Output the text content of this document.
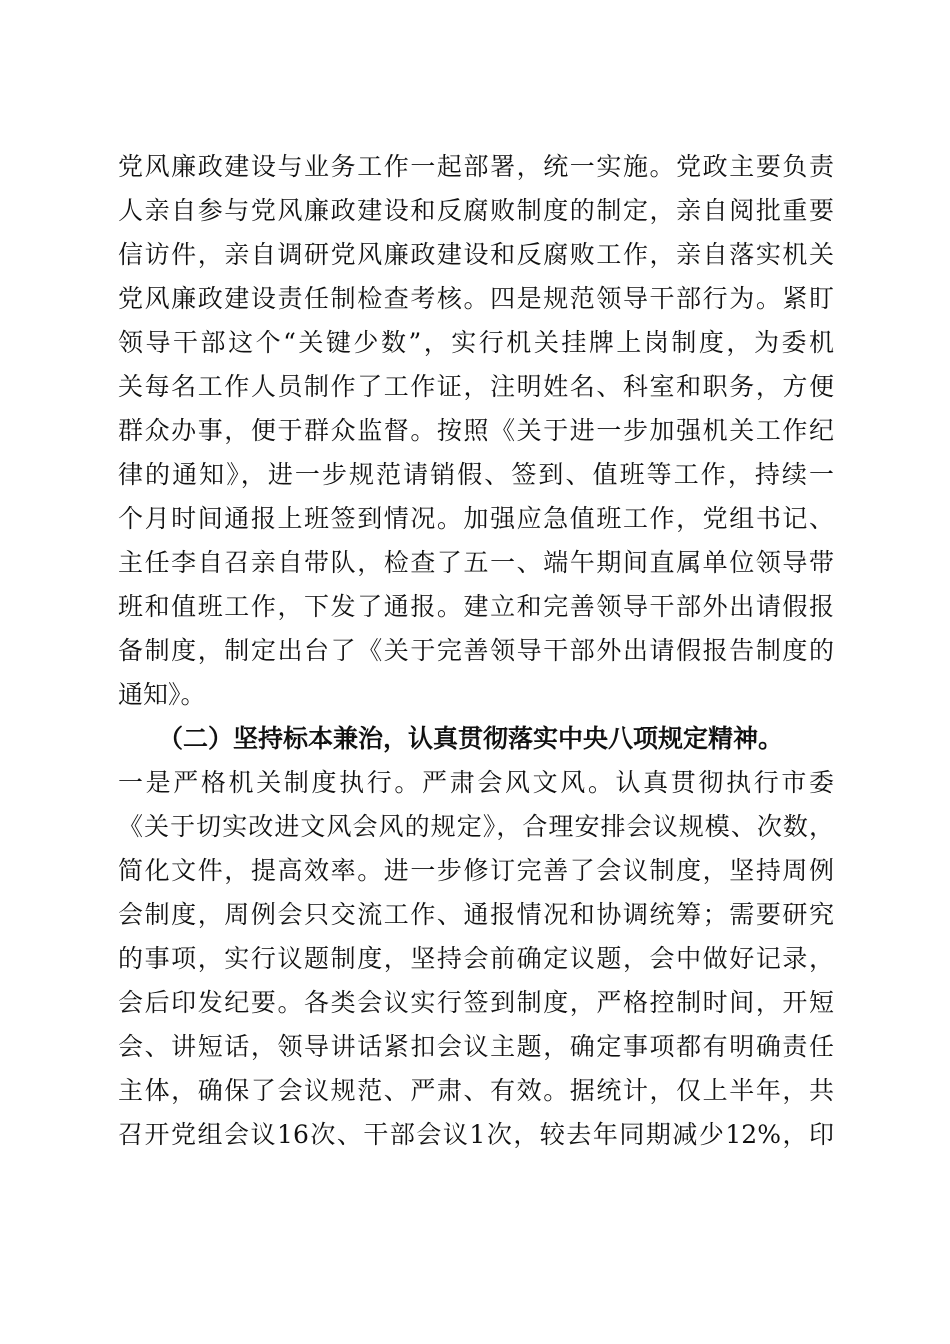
党风廉政建设与业务工作一起部署，统一实施。党政主要负责
人亲自参与党风廉政建设和反腐败制度的制定，亲自阅批重要
信访件，亲自调研党风廉政建设和反腐败工作，亲自落实机关
党风廉政建设责任制检查考核。四是规范领导干部行为。紧盯
领导干部这个“关键少数”，实行机关挂牌上岗制度，为委机
关每名工作人员制作了工作证，注明姓名、科室和职务，方便
群众办事，便于群众监督。按照《关于进一步加强机关工作纪
律的通知》，进一步规范请销假、签到、值班等工作，持续一
个月时间通报上班签到情况。加强应急值班工作，党组书记、
主任李自召亲自带队，检查了五一、端午期间直属单位领导带
班和值班工作，下发了通报。建立和完善领导干部外出请假报
备制度，制定出台了《关于完善领导干部外出请假报告制度的
通知》。
（二）坚持标本兼治，认真贯彻落实中央八项规定精神。
一是严格机关制度执行。严肃会风文风。认真贯彻执行市委
《关于切实改进文风会风的规定》，合理安排会议规模、次数，
简化文件，提高效率。进一步修订完善了会议制度，坚持周例
会制度，周例会只交流工作、通报情况和协调统筹；需要研究
的事项，实行议题制度，坚持会前确定议题，会中做好记录，
会后印发纪要。各类会议实行签到制度，严格控制时间，开短
会、讲短话，领导讲话紧扣会议主题，确定事项都有明确责任
主体，确保了会议规范、严肃、有效。据统计，仅上半年，共
召开党组会议16次、干部会议1次，较去年同期减少12%，印
